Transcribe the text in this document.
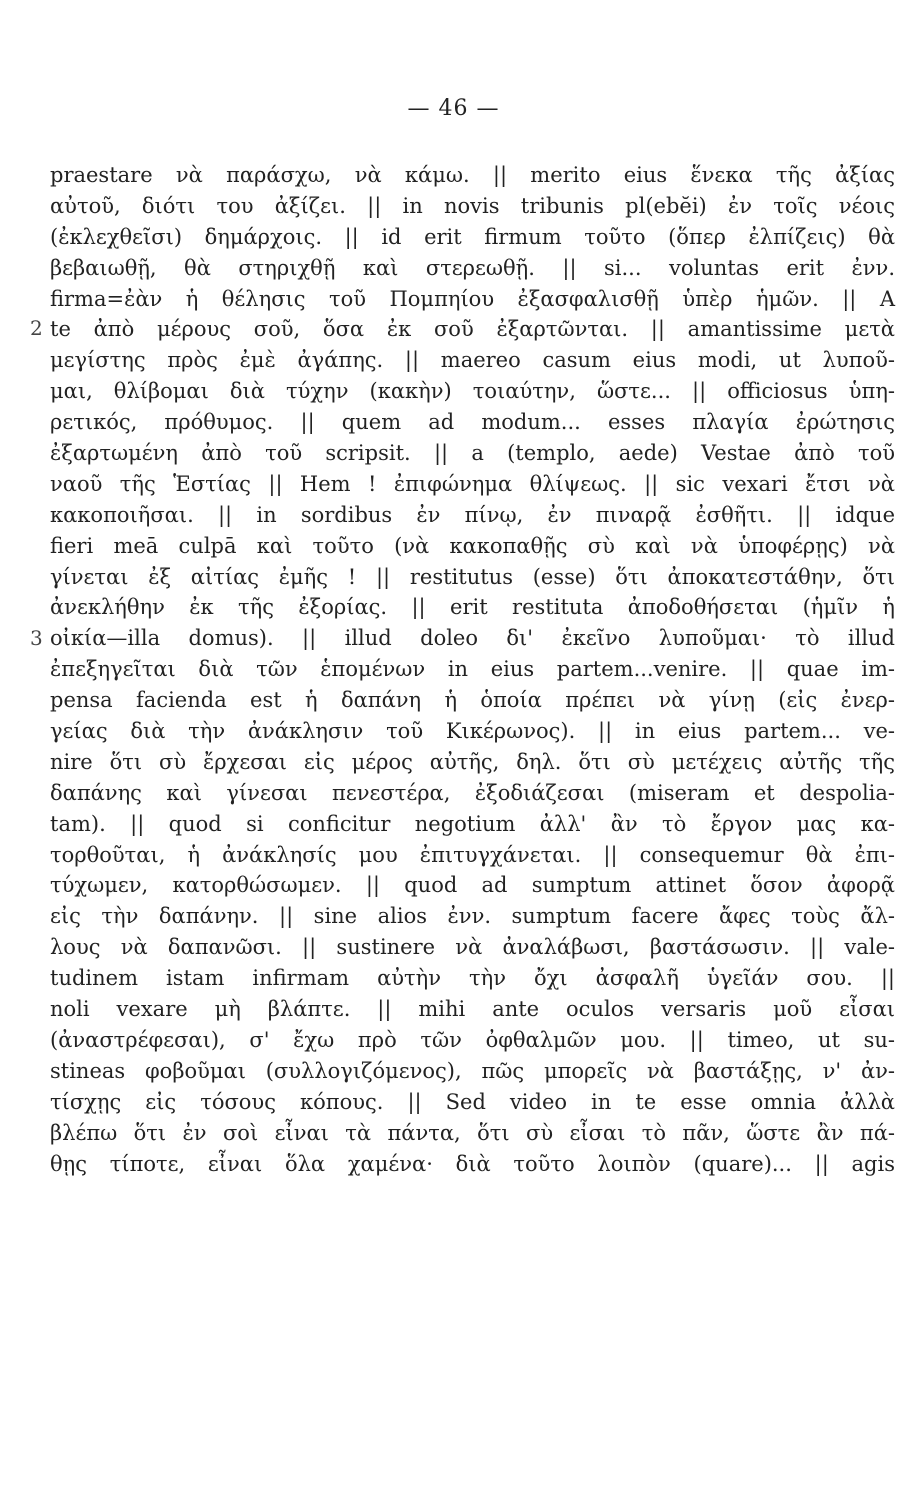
— 46 —
2
3
praestare νὰ παράσχω, νὰ κάμω. || merito eius ἕνεκα τῆς ἀξίας
αὐτοῦ, διότι του ἀξίζει. || in novis tribunis pl(ebĕi) ἐν τοῖς νέοις
(ἐκλεχθεῖσι) δημάρχοις. || id erit firmum τοῦτο (ὅπερ ἐλπίζεις) θὰ
βεβαιωθῇ, θὰ στηριχθῇ καὶ στερεωθῇ. || si... voluntas erit ἐνν.
firma=ἐὰν ἡ θέλησις τοῦ Πομπηίου ἐξασφαλισθῇ ὑπὲρ ἡμῶν. || A
te ἀπὸ μέρους σοῦ, ὅσα ἐκ σοῦ ἐξαρτῶνται. || amantissime μετὰ
μεγίστης πρὸς ἐμὲ ἀγάπης. || maereo casum eius modi, ut λυποῦ-
μαι, θλίβομαι διὰ τύχην (κακὴν) τοιαύτην, ὥστε... || officiosus ὑπη-
ρετικός, πρόθυμος. || quem ad modum... esses πλαγία ἐρώτησις
ἐξαρτωμένη ἀπὸ τοῦ scripsit. || a (templo, aede) Vestae ἀπὸ τοῦ
ναοῦ τῆς Ἑστίας || Hem ! ἐπιφώνημα θλίψεως. || sic vexari ἔτσι νὰ
κακοποιῆσαι. || in sordibus ἐν πίνῳ, ἐν πιναρᾷ ἐσθῆτι. || idque
fieri meā culpā καὶ τοῦτο (νὰ κακοπαθῇς σὺ καὶ νὰ ὑποφέρῃς) νὰ
γίνεται ἐξ αἰτίας ἐμῆς ! || restitutus (esse) ὅτι ἀποκατεστάθην, ὅτι
ἀνεκλήθην ἐκ τῆς ἐξορίας. || erit restituta ἀποδοθήσεται (ἡμῖν ἡ
οἰκία—illa domus). || illud doleo δι' ἐκεῖνο λυποῦμαι· τὸ illud
ἐπεξηγεῖται διὰ τῶν ἑπομένων in eius partem...venire. || quae im-
pensa facienda est ἡ δαπάνη ἡ ὁποία πρέπει νὰ γίνῃ (εἰς ἐνερ-
γείας διὰ τὴν ἀνάκλησιν τοῦ Κικέρωνος). || in eius partem... ve-
nire ὅτι σὺ ἔρχεσαι εἰς μέρος αὐτῆς, δηλ. ὅτι σὺ μετέχεις αὐτῆς τῆς
δαπάνης καὶ γίνεσαι πενεστέρα, ἐξοδιάζεσαι (miseram et despolia-
tam). || quod si conficitur negotium ἀλλ' ἂν τὸ ἔργον μας κα-
τορθοῦται, ἡ ἀνάκλησίς μου ἐπιτυγχάνεται. || consequemur θὰ ἐπι-
τύχωμεν, κατορθώσωμεν. || quod ad sumptum attinet ὅσον ἀφορᾷ
εἰς τὴν δαπάνην. || sine alios ἐνν. sumptum facere ἄφες τοὺς ἄλ-
λους νὰ δαπανῶσι. || sustinere νὰ ἀναλάβωσι, βαστάσωσιν. || vale-
tudinem istam infirmam αὐτὴν τὴν ὄχι ἀσφαλῆ ὑγεῖάν σου. ||
noli vexare μὴ βλάπτε. || mihi ante oculos versaris μοῦ εἶσαι
(ἀναστρέφεσαι), σ' ἔχω πρὸ τῶν ὀφθαλμῶν μου. || timeo, ut su-
stineas φοβοῦμαι (συλλογιζόμενος), πῶς μπορεῖς νὰ βαστάξῃς, ν' ἀν-
τίσχῃς εἰς τόσους κόπους. || Sed video in te esse omnia ἀλλὰ
βλέπω ὅτι ἐν σοὶ εἶναι τὰ πάντα, ὅτι σὺ εἶσαι τὸ πᾶν, ὥστε ἂν πά-
θῃς τίποτε, εἶναι ὅλα χαμένα· διὰ τοῦτο λοιπὸν (quare)... || agis
